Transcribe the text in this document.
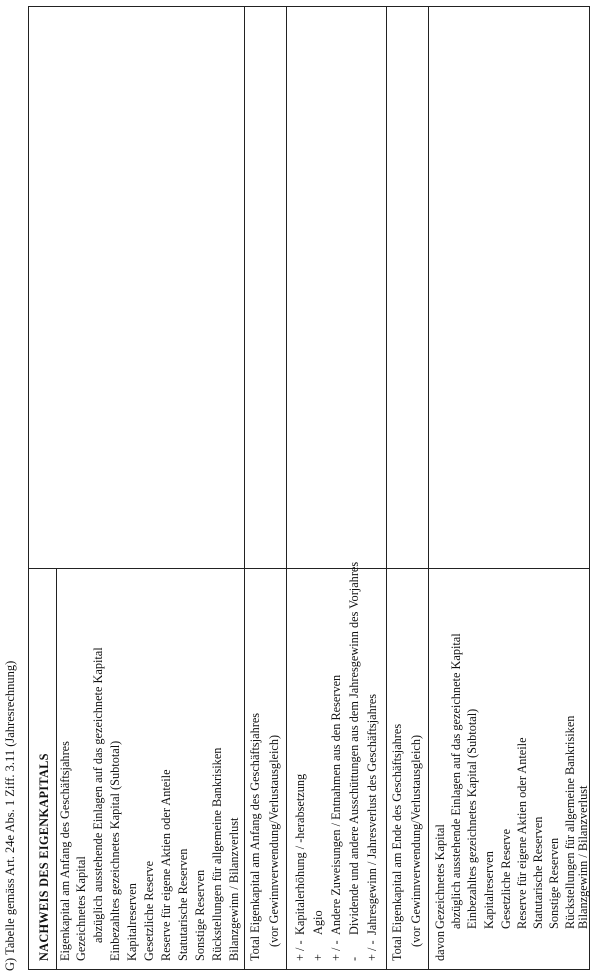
G) Tabelle gemäss Art. 24e Abs. 1 Ziff. 3.11 (Jahresrechnung) NACHWEIS DES EIGENKAPITALS Eigenkapital am Anfang des Geschäftsjahres Gezeichnetes Kapital abzüglich ausstehende Einlagen auf das gezeichnete Kapital Einbezahltes gezeichnetes Kapital (Subtotal) Kapitalreserven Gesetzliche Reserve Reserve für eigene Aktien oder Anteile Statutarische Reserven Sonstige Reserven Rückstellungen für allgemeine Bankrisiken Bilanzgewinn / Bilanzverlust Total Eigenkapital am Anfang des Geschäftsjahres (vor Gewinnverwendung/Verlustausgleich)
+ / -
Kapitalerhöhung / -herabsetzung
+
Agio
+ / -
Andere Zuweisungen / Entnahmen aus den Reserven
-
Dividende und andere Ausschüttungen aus dem Jahresgewinn des Vorjahres
+ / -
Jahresgewinn / Jahresverlust des Geschäftsjahres Total Eigenkapital am Ende des Geschäftsjahres (vor Gewinnverwendung/Verlustausgleich) davon
Gezeichnetes Kapital abzüglich ausstehende Einlagen auf das gezeichnete Kapital Einbezahltes gezeichnetes Kapital (Subtotal) Kapitalreserven Gesetzliche Reserve Reserve für eigene Aktien oder Anteile Statutarische Reserven Sonstige Reserven Rückstellungen für allgemeine Bankrisiken Bilanzgewinn / Bilanzverlust
